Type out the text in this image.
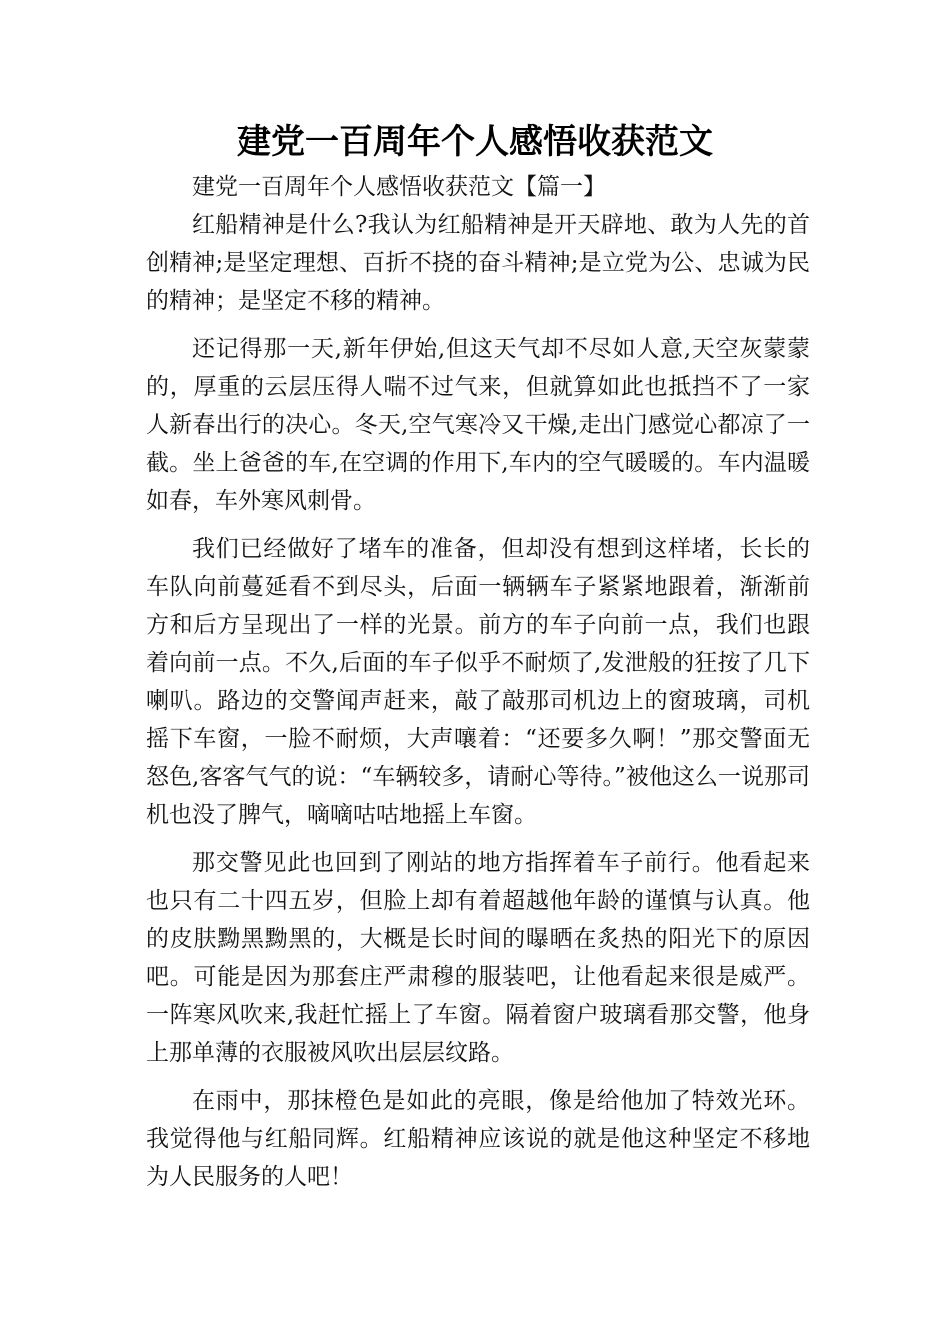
建党一百周年个人感悟收获范文

建党一百周年个人感悟收获范文【篇一】

红船精神是什么?我认为红船精神是开天辟地、敢为人先的首创精神;是坚定理想、百折不挠的奋斗精神;是立党为公、忠诚为民的精神；是坚定不移的精神。

还记得那一天,新年伊始,但这天气却不尽如人意,天空灰蒙蒙的，厚重的云层压得人喘不过气来，但就算如此也抵挡不了一家人新春出行的决心。冬天,空气寒冷又干燥,走出门感觉心都凉了一截。坐上爸爸的车,在空调的作用下,车内的空气暖暖的。车内温暖如春，车外寒风刺骨。

我们已经做好了堵车的准备，但却没有想到这样堵，长长的车队向前蔓延看不到尽头，后面一辆辆车子紧紧地跟着，渐渐前方和后方呈现出了一样的光景。前方的车子向前一点，我们也跟着向前一点。不久,后面的车子似乎不耐烦了,发泄般的狂按了几下喇叭。路边的交警闻声赶来，敲了敲那司机边上的窗玻璃，司机摇下车窗，一脸不耐烦，大声嚷着：“还要多久啊！”那交警面无怒色,客客气气的说：“车辆较多，请耐心等待。”被他这么一说那司机也没了脾气，嘀嘀咕咕地摇上车窗。

那交警见此也回到了刚站的地方指挥着车子前行。他看起来也只有二十四五岁，但脸上却有着超越他年龄的谨慎与认真。他的皮肤黝黑黝黑的，大概是长时间的曝晒在炙热的阳光下的原因吧。可能是因为那套庄严肃穆的服装吧，让他看起来很是威严。一阵寒风吹来,我赶忙摇上了车窗。隔着窗户玻璃看那交警，他身上那单薄的衣服被风吹出层层纹路。

在雨中，那抹橙色是如此的亮眼，像是给他加了特效光环。我觉得他与红船同辉。红船精神应该说的就是他这种坚定不移地为人民服务的人吧！
